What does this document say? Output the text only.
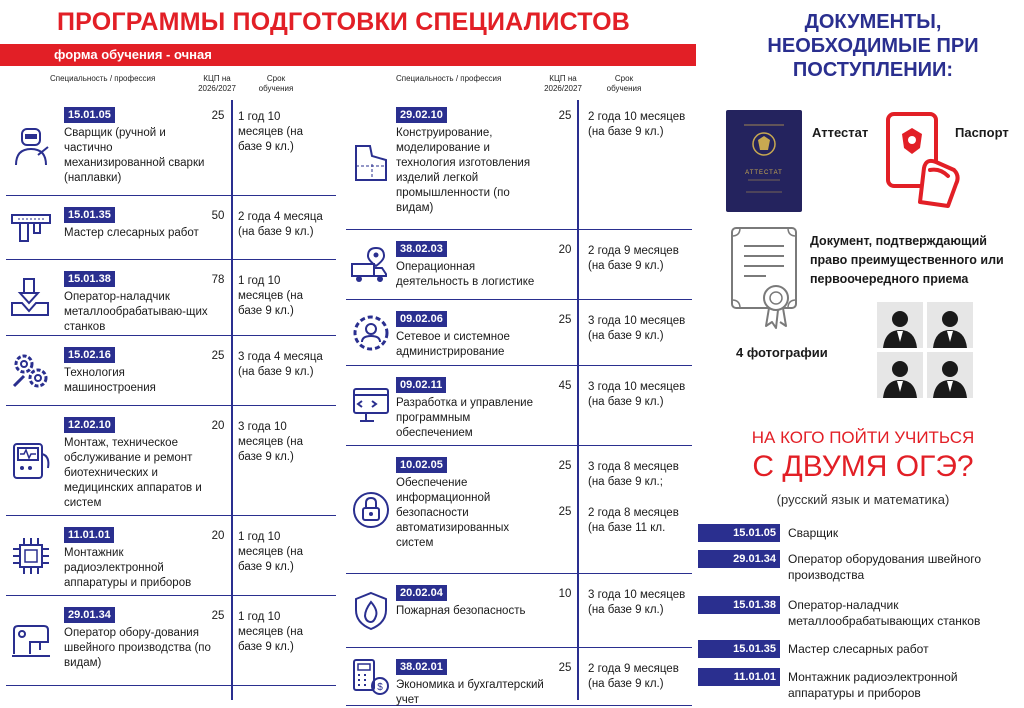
ПРОГРАММЫ ПОДГОТОВКИ СПЕЦИАЛИСТОВ
форма обучения - очная
Специальность / профессия	КЦП на 2026/2027
Срок обучения
Специальность / профессия	КЦП на 2026/2027
Срок обучения
15.01.05
Сварщик (ручной и частично механизированной сварки (наплавки)
25	1 год 10 месяцев (на базе 9 кл.)
15.01.35
Мастер слесарных работ
50	2 года 4 месяца (на базе 9 кл.)
15.01.38
Оператор-наладчик металлообрабатываю-щих станков
78	1 год 10 месяцев (на базе 9 кл.)
15.02.16
Технология машиностроения
25	3 года 4 месяца (на базе 9 кл.)
12.02.10
Монтаж, техническое обслуживание и ремонт биотехнических и медицинских аппаратов и систем
20	3 года 10 месяцев (на базе 9 кл.)
11.01.01
Монтажник радиоэлектронной аппаратуры и приборов
20	1 год 10 месяцев (на базе 9 кл.)
29.01.34
Оператор обору-дования швейного производства (по видам)
25	1 год 10 месяцев (на базе 9 кл.)
29.02.10
Конструирование, моделирование и технология изготовления изделий легкой промышленности (по видам)
25	2 года 10 месяцев (на базе 9 кл.)
38.02.03
Операционная деятельность в логистике
20	2 года 9 месяцев (на базе 9 кл.)
09.02.06
Сетевое и системное администрирование
25	3 года 10 месяцев (на базе 9 кл.)
09.02.11
Разработка и управление программным обеспечением
45	3 года 10 месяцев (на базе 9 кл.)
10.02.05
Обеспечение информационной безопасности автоматизированных систем
25	3 года 8 месяцев (на базе 9 кл.;
25	2 года 8 месяцев (на базе 11 кл.
20.02.04
Пожарная безопасность
10	3 года 10 месяцев (на базе 9 кл.)
$
38.02.01
Экономика и бухгалтерский учет
25	2 года 9 месяцев (на базе 9 кл.)
ДОКУМЕНТЫ, НЕОБХОДИМЫЕ ПРИ ПОСТУПЛЕНИИ:
АТТЕСТАТ
Аттестат	Паспорт
Документ, подтверждающий право преимущественного или первоочередного приема
4 фотографии
НА КОГО ПОЙТИ УЧИТЬСЯ
С ДВУМЯ ОГЭ?
(русский язык и математика)
15.01.05	Сварщик
29.01.34	Оператор оборудования швейного производства
15.01.38	Оператор-наладчик металлообрабатывающих станков
15.01.35	Мастер слесарных работ
11.01.01	Монтажник радиоэлектронной аппаратуры и приборов
